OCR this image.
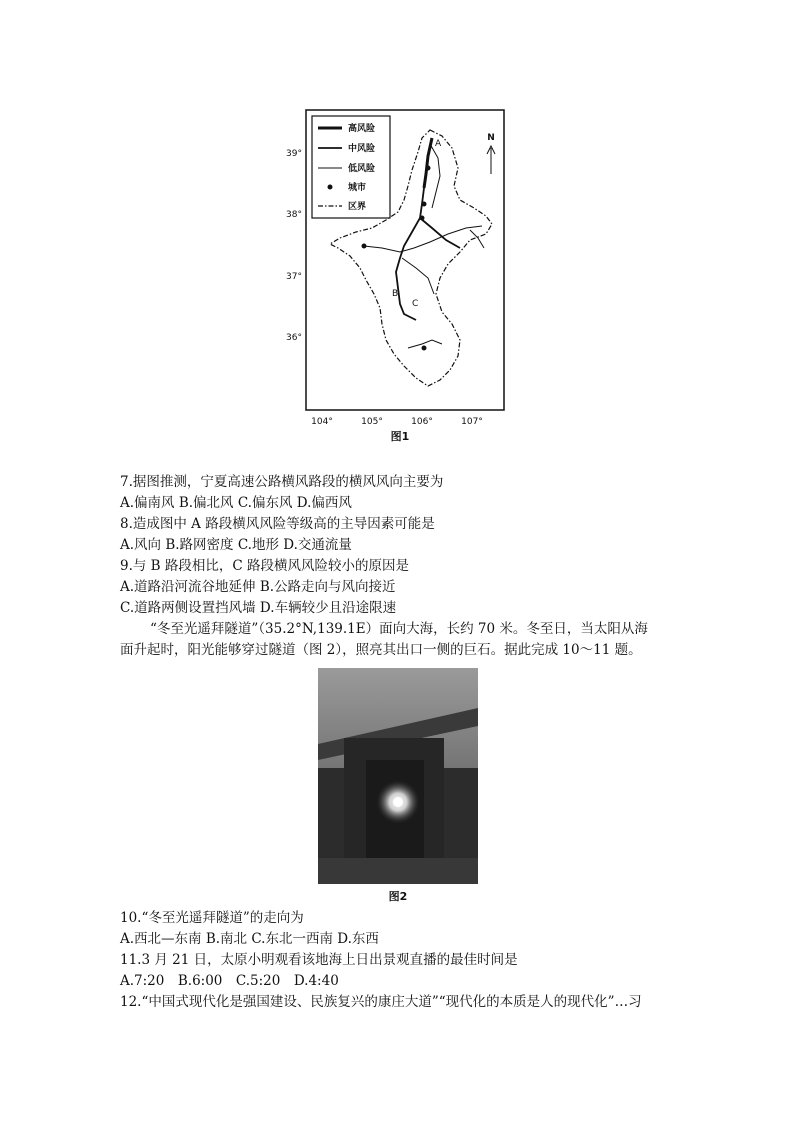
A
B
C
N
39°
38°
37°
36°
104°	105°	106°	107°
高风险
中风险
低风险
城市
区界
图1
7.据图推测，宁夏高速公路横风路段的横风风向主要为
A.偏南风 B.偏北风 C.偏东风 D.偏西风
8.造成图中 A 路段横风风险等级高的主导因素可能是
A.风向 B.路网密度 C.地形 D.交通流量
9.与 B 路段相比，C 路段横风风险较小的原因是
A.道路沿河流谷地延伸 B.公路走向与风向接近
C.道路两侧设置挡风墙 D.车辆较少且沿途限速
“冬至光遥拜隧道”（35.2°N,139.1E）面向大海，长约 70 米。冬至日，当太阳从海
面升起时，阳光能够穿过隧道（图 2），照亮其出口一侧的巨石。据此完成 10～11 题。
图2
10.“冬至光遥拜隧道”的走向为
A.西北—东南 B.南北 C.东北一西南 D.东西
11.3 月 21 日，太原小明观看该地海上日出景观直播的最佳时间是
A.7:20　B.6:00　C.5:20　D.4:40
12.“中国式现代化是强国建设、民族复兴的康庄大道”“现代化的本质是人的现代化”…习
